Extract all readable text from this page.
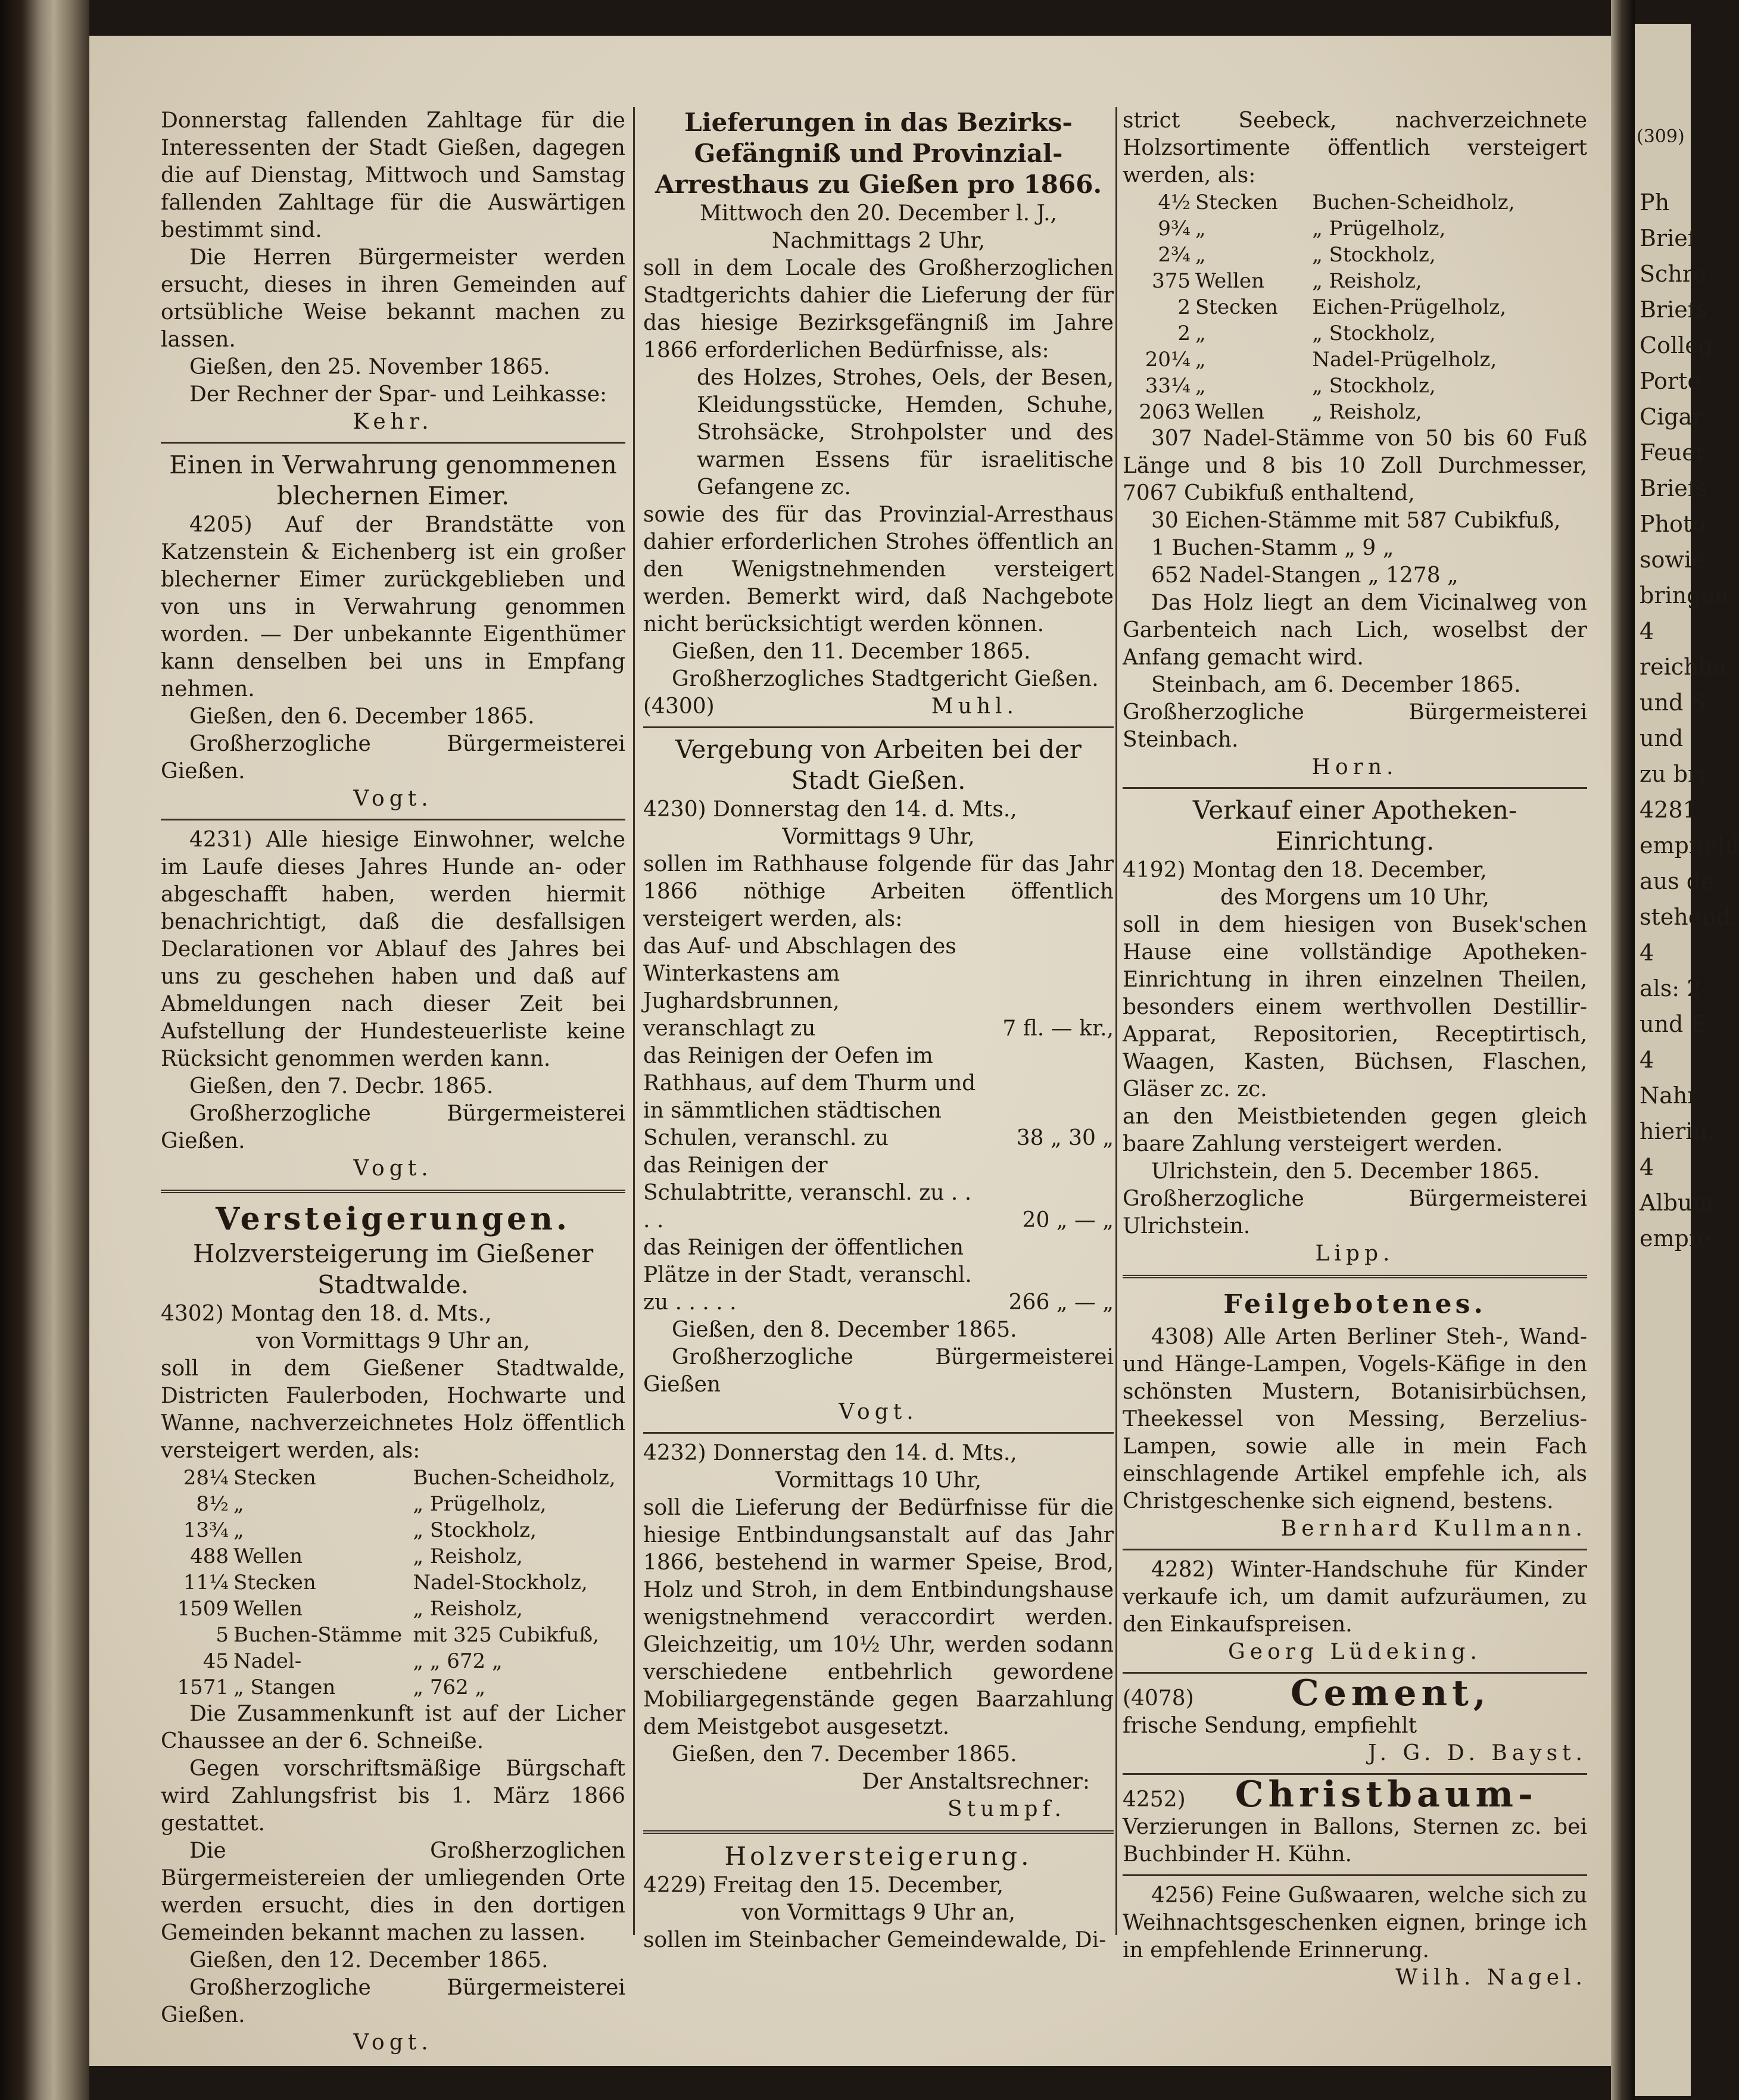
Ph
Brief
Schre
Briefs
Colleg
Porte
Cigar
Feuer
Briefs
Photo
sowie
bringen
4
reichha
und S
und
zu bri
4281
empfiehl
aus de
stehend.
4
als: 2
und E
4
Nahr
hierin,
4
Album
empfe
(309)

Donnerstag fallenden Zahltage für die Interessenten der Stadt Gießen, dagegen die auf Dienstag, Mittwoch und Samstag fallenden Zahltage für die Auswärtigen bestimmt sind.

Die Herren Bürgermeister werden ersucht, dieses in ihren Gemeinden auf ortsübliche Weise bekannt machen zu lassen.

Gießen, den 25. November 1865.

Der Rechner der Spar- und Leihkasse:

Kehr.

Einen in Verwahrung genommenen blechernen Eimer.

4205) Auf der Brandstätte von Katzenstein & Eichenberg ist ein großer blecherner Eimer zurückgeblieben und von uns in Verwahrung genommen worden. — Der unbekannte Eigenthümer kann denselben bei uns in Empfang nehmen.

Gießen, den 6. December 1865.

Großherzogliche Bürgermeisterei Gießen.

Vogt.

4231) Alle hiesige Einwohner, welche im Laufe dieses Jahres Hunde an- oder abgeschafft haben, werden hiermit benachrichtigt, daß die desfallsigen Declarationen vor Ablauf des Jahres bei uns zu geschehen haben und daß auf Abmeldungen nach dieser Zeit bei Aufstellung der Hundesteuerliste keine Rücksicht genommen werden kann.

Gießen, den 7. Decbr. 1865.

Großherzogliche Bürgermeisterei Gießen.

Vogt.

Versteigerungen.

Holzversteigerung im Gießener Stadtwalde.

4302) Montag den 18. d. Mts.,

von Vormittags 9 Uhr an,

soll in dem Gießener Stadtwalde, Districten Faulerboden, Hochwarte und Wanne, nachverzeichnetes Holz öffentlich versteigert werden, als:

28¼	Stecken	Buchen-Scheidholz,
8½	„	„ Prügelholz,
13¾	„	„ Stockholz,
488	Wellen	„ Reisholz,
11¼	Stecken	Nadel-Stockholz,
1509	Wellen	„ Reisholz,
5	Buchen-Stämme	mit 325 Cubikfuß,
45	Nadel-	„ „ 672 „
1571	„ Stangen	„ 762 „

Die Zusammenkunft ist auf der Licher Chaussee an der 6. Schneiße.

Gegen vorschriftsmäßige Bürgschaft wird Zahlungsfrist bis 1. März 1866 gestattet.

Die Großherzoglichen Bürgermeistereien der umliegenden Orte werden ersucht, dies in den dortigen Gemeinden bekannt machen zu lassen.

Gießen, den 12. December 1865.

Großherzogliche Bürgermeisterei Gießen.

Vogt.

Lieferungen in das Bezirks-Gefängniß und Provinzial-Arresthaus zu Gießen pro 1866.

Mittwoch den 20. December l. J.,

Nachmittags 2 Uhr,

soll in dem Locale des Großherzoglichen Stadtgerichts dahier die Lieferung der für das hiesige Bezirksgefängniß im Jahre 1866 erforderlichen Bedürfnisse, als:

des Holzes, Strohes, Oels, der Besen, Kleidungsstücke, Hemden, Schuhe, Strohsäcke, Strohpolster und des warmen Essens für israelitische Gefangene zc.

sowie des für das Provinzial-Arresthaus dahier erforderlichen Strohes öffentlich an den Wenigstnehmenden versteigert werden. Bemerkt wird, daß Nachgebote nicht berücksichtigt werden können.

Gießen, den 11. December 1865.

Großherzogliches Stadtgericht Gießen.

(4300)	Muhl.

Vergebung von Arbeiten bei der Stadt Gießen.

4230) Donnerstag den 14. d. Mts.,

Vormittags 9 Uhr,

sollen im Rathhause folgende für das Jahr 1866 nöthige Arbeiten öffentlich versteigert werden, als:

das Auf- und Abschlagen des Winterkastens am Jughardsbrunnen, veranschlagt zu	7 fl. — kr.,
das Reinigen der Oefen im Rathhaus, auf dem Thurm und in sämmtlichen städtischen Schulen, veranschl. zu	38 „ 30 „
das Reinigen der Schulabtritte, veranschl. zu . . . .	20 „ — „
das Reinigen der öffentlichen Plätze in der Stadt, veranschl. zu . . . . .	266 „ — „

Gießen, den 8. December 1865.

Großherzogliche Bürgermeisterei Gießen

Vogt.

4232) Donnerstag den 14. d. Mts.,

Vormittags 10 Uhr,

soll die Lieferung der Bedürfnisse für die hiesige Entbindungsanstalt auf das Jahr 1866, bestehend in warmer Speise, Brod, Holz und Stroh, in dem Entbindungshause wenigstnehmend veraccordirt werden. Gleichzeitig, um 10½ Uhr, werden sodann verschiedene entbehrlich gewordene Mobiliargegenstände gegen Baarzahlung dem Meistgebot ausgesetzt.

Gießen, den 7. December 1865.

Der Anstaltsrechner:

Stumpf.

Holzversteigerung.

4229) Freitag den 15. December,

von Vormittags 9 Uhr an,

sollen im Steinbacher Gemeindewalde, Di-

strict Seebeck, nachverzeichnete Holzsortimente öffentlich versteigert werden, als:

4½	Stecken	Buchen-Scheidholz,
9¾	„	„ Prügelholz,
2¾	„	„ Stockholz,
375	Wellen	„ Reisholz,
2	Stecken	Eichen-Prügelholz,
2	„	„ Stockholz,
20¼	„	Nadel-Prügelholz,
33¼	„	„ Stockholz,
2063	Wellen	„ Reisholz,

307 Nadel-Stämme von 50 bis 60 Fuß Länge und 8 bis 10 Zoll Durchmesser, 7067 Cubikfuß enthaltend,

30 Eichen-Stämme mit 587 Cubikfuß,

1 Buchen-Stamm „ 9 „

652 Nadel-Stangen „ 1278 „

Das Holz liegt an dem Vicinalweg von Garbenteich nach Lich, woselbst der Anfang gemacht wird.

Steinbach, am 6. December 1865.

Großherzogliche Bürgermeisterei Steinbach.

Horn.

Verkauf einer Apotheken-Einrichtung.

4192) Montag den 18. December,

des Morgens um 10 Uhr,

soll in dem hiesigen von Busek'schen Hause eine vollständige Apotheken-Einrichtung in ihren einzelnen Theilen, besonders einem werthvollen Destillir-Apparat, Repositorien, Receptirtisch, Waagen, Kasten, Büchsen, Flaschen, Gläser zc. zc.

an den Meistbietenden gegen gleich baare Zahlung versteigert werden.

Ulrichstein, den 5. December 1865.

Großherzogliche Bürgermeisterei Ulrichstein.

Lipp.

Feilgebotenes.

4308) Alle Arten Berliner Steh-, Wand- und Hänge-Lampen, Vogels-Käfige in den schönsten Mustern, Botanisirbüchsen, Theekessel von Messing, Berzelius-Lampen, sowie alle in mein Fach einschlagende Artikel empfehle ich, als Christgeschenke sich eignend, bestens.

Bernhard Kullmann.

4282) Winter-Handschuhe für Kinder verkaufe ich, um damit aufzuräumen, zu den Einkaufspreisen.

Georg Lüdeking.

(4078)	Cement,

frische Sendung, empfiehlt

J. G. D. Bayst.

4252)	Christbaum-

Verzierungen in Ballons, Sternen zc. bei Buchbinder H. Kühn.

4256) Feine Gußwaaren, welche sich zu Weihnachtsgeschenken eignen, bringe ich in empfehlende Erinnerung.

Wilh. Nagel.
